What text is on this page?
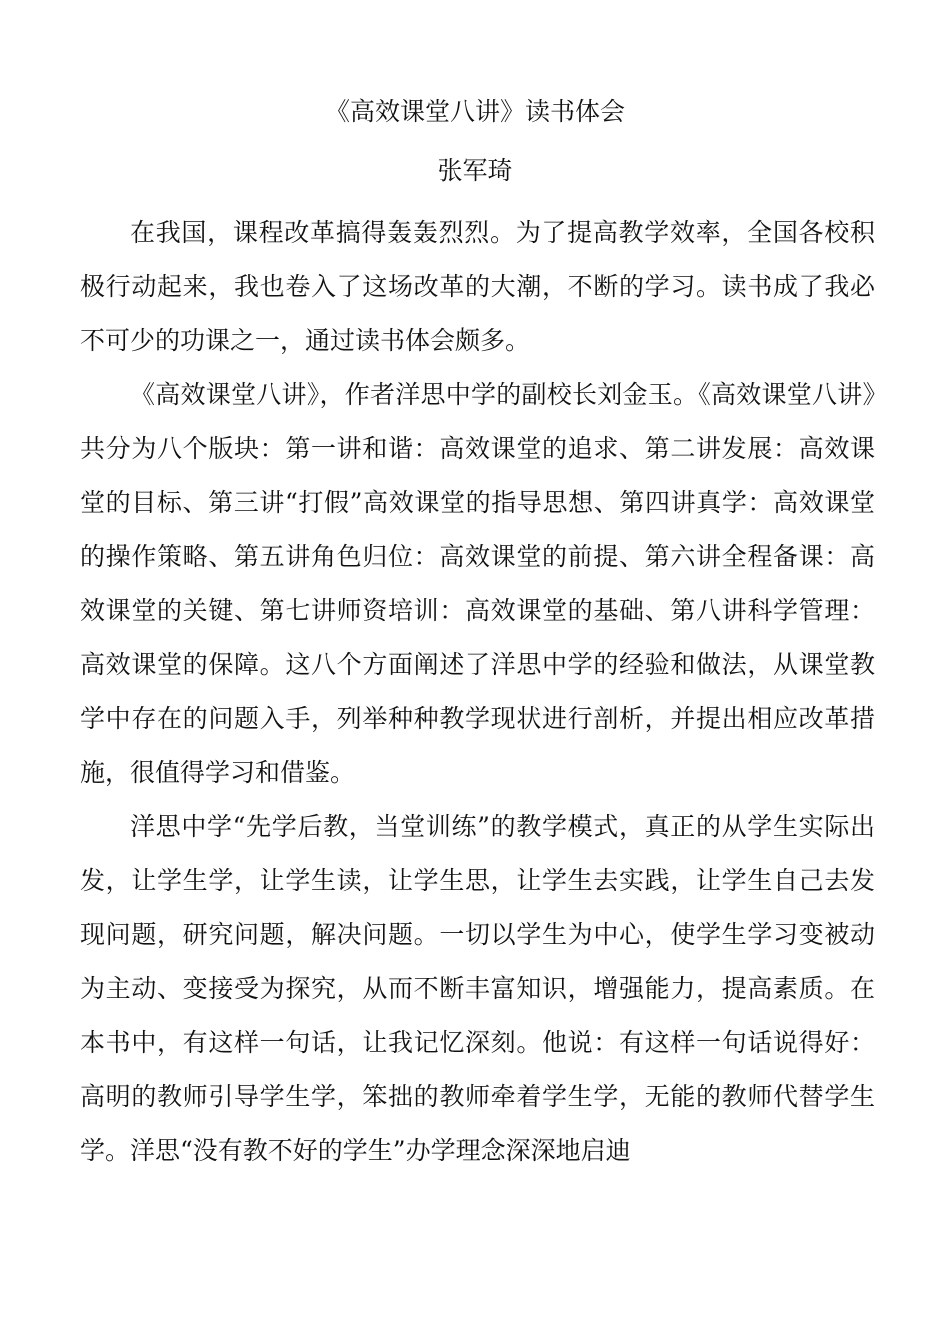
《高效课堂八讲》读书体会
张军琦

在我国，课程改革搞得轰轰烈烈。为了提高教学效率，全国各校积极行动起来，我也卷入了这场改革的大潮，不断的学习。读书成了我必不可少的功课之一，通过读书体会颇多。

《高效课堂八讲》，作者洋思中学的副校长刘金玉。《高效课堂八讲》共分为八个版块：第一讲和谐：高效课堂的追求、第二讲发展：高效课堂的目标、第三讲“打假”高效课堂的指导思想、第四讲真学：高效课堂的操作策略、第五讲角色归位：高效课堂的前提、第六讲全程备课：高效课堂的关键、第七讲师资培训：高效课堂的基础、第八讲科学管理：高效课堂的保障。这八个方面阐述了洋思中学的经验和做法，从课堂教学中存在的问题入手，列举种种教学现状进行剖析，并提出相应改革措施，很值得学习和借鉴。

洋思中学“先学后教，当堂训练”的教学模式，真正的从学生实际出发，让学生学，让学生读，让学生思，让学生去实践，让学生自己去发现问题，研究问题，解决问题。一切以学生为中心，使学生学习变被动为主动、变接受为探究，从而不断丰富知识，增强能力，提高素质。在本书中，有这样一句话，让我记忆深刻。他说：有这样一句话说得好：高明的教师引导学生学，笨拙的教师牵着学生学，无能的教师代替学生学。洋思“没有教不好的学生”办学理念深深地启迪
